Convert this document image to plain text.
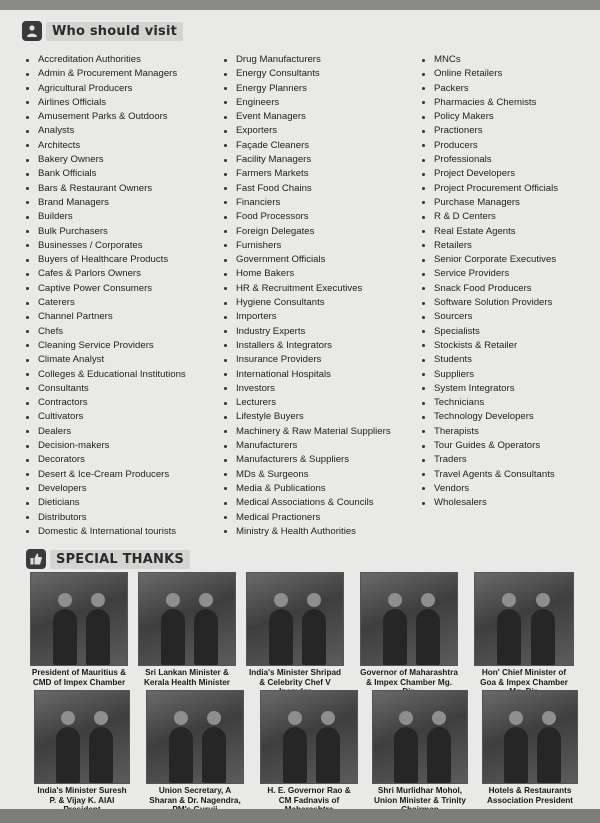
Who should visit
Accreditation Authorities
Admin & Procurement Managers
Agricultural Producers
Airlines Officials
Amusement Parks & Outdoors
Analysts
Architects
Bakery Owners
Bank Officials
Bars & Restaurant Owners
Brand Managers
Builders
Bulk Purchasers
Businesses / Corporates
Buyers of Healthcare Products
Cafes & Parlors Owners
Captive Power Consumers
Caterers
Channel Partners
Chefs
Cleaning Service Providers
Climate Analyst
Colleges & Educational Institutions
Consultants
Contractors
Cultivators
Dealers
Decision-makers
Decorators
Desert & Ice-Cream Producers
Developers
Dieticians
Distributors
Domestic & International tourists
Drug Manufacturers
Energy Consultants
Energy Planners
Engineers
Event Managers
Exporters
Façade Cleaners
Facility Managers
Farmers Markets
Fast Food Chains
Financiers
Food Processors
Foreign Delegates
Furnishers
Government Officials
Home Bakers
HR & Recruitment Executives
Hygiene Consultants
Importers
Industry Experts
Installers & Integrators
Insurance Providers
International Hospitals
Investors
Lecturers
Lifestyle Buyers
Machinery & Raw Material Suppliers
Manufacturers
Manufacturers & Suppliers
MDs & Surgeons
Media & Publications
Medical Associations & Councils
Medical Practioners
Ministry & Health Authorities
MNCs
Online Retailers
Packers
Pharmacies & Chemists
Policy Makers
Practioners
Producers
Professionals
Project Developers
Project Procurement Officials
Purchase Managers
R & D Centers
Real Estate Agents
Retailers
Senior Corporate Executives
Service Providers
Snack Food Producers
Software Solution Providers
Sourcers
Specialists
Stockists & Retailer
Students
Suppliers
System Integrators
Technicians
Technology Developers
Therapists
Tour Guides & Operators
Traders
Travel Agents & Consultants
Vendors
Wholesalers
SPECIAL THANKS
President of Mauritius & CMD of Impex Chamber
Sri Lankan Minister & Kerala Health Minister
India's Minister Shripad & Celebrity Chef V
Governor of Maharashtra & Impex Chamber Mg.
Hon' Chief Minister of Goa & Impex Chamber
India's Minister Suresh P. & Vijay K. AIAI
Union Secretary, A Sharan & Dr. Nagendra,
H. E. Governor Rao & CM Fadnavis of
Shri Murlidhar Mohol, Union Minister & Trinity
Hotels & Restaurants Association President
